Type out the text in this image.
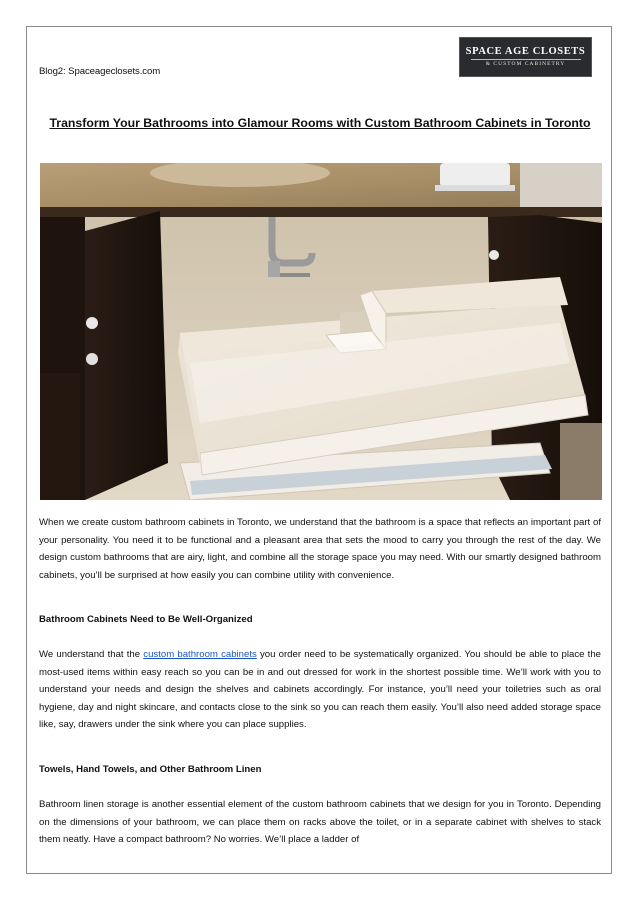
Blog2: Spaceageclosets.com
SPACE AGE CLOSETS
& CUSTOM CABINETRY
Transform Your Bathrooms into Glamour Rooms with Custom Bathroom Cabinets in Toronto

When we create custom bathroom cabinets in Toronto, we understand that the bathroom is a space that reflects an important part of your personality. You need it to be functional and a pleasant area that sets the mood to carry you through the rest of the day. We design custom bathrooms that are airy, light, and combine all the storage space you may need. With our smartly designed bathroom cabinets, you’ll be surprised at how easily you can combine utility with convenience.

Bathroom Cabinets Need to Be Well-Organized

We understand that the custom bathroom cabinets you order need to be systematically organized. You should be able to place the most-used items within easy reach so you can be in and out dressed for work in the shortest possible time. We’ll work with you to understand your needs and design the shelves and cabinets accordingly. For instance, you’ll need your toiletries such as oral hygiene, day and night skincare, and contacts close to the sink so you can reach them easily. You’ll also need added storage space like, say, drawers under the sink where you can place supplies.

Towels, Hand Towels, and Other Bathroom Linen

Bathroom linen storage is another essential element of the custom bathroom cabinets that we design for you in Toronto. Depending on the dimensions of your bathroom, we can place them on racks above the toilet, or in a separate cabinet with shelves to stack them neatly. Have a compact bathroom? No worries. We’ll place a ladder of
